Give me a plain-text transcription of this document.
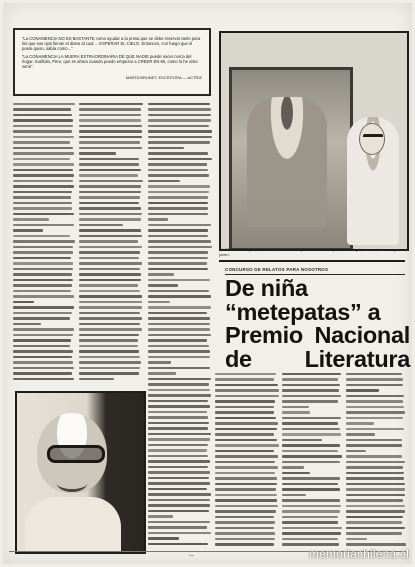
“La CONAMENCIA NO ES BASTANTE como ayudar a la prosa que se debe reservar tanto para los que sus ojos llenan el diario al cual ... ESPERAR EL CIELO. Entonces, con fuego que el poeta quiso, sabía como...”

“La CONAMENCIA LA MUERA EXTRAORDINARIA DE QUE NADIE puede nacer cerca del hogar. Suéltalo, Pero, que es ahora cuando puedo empezar a CREER EN MI, como lo he visto venir”.

MARTA BRUNET, ESCRITORA — ACTRIZ
LA ESCRITORA y un Premio Nacional al trabajo ante el retrato que le hizo el pintor cuando era muy joven.
CONCURSO DE RELATOS PARA NOSOTROS
De niña
“metepatas” a
Premio Nacional
de Literatura
—	memoriachilena.cl
